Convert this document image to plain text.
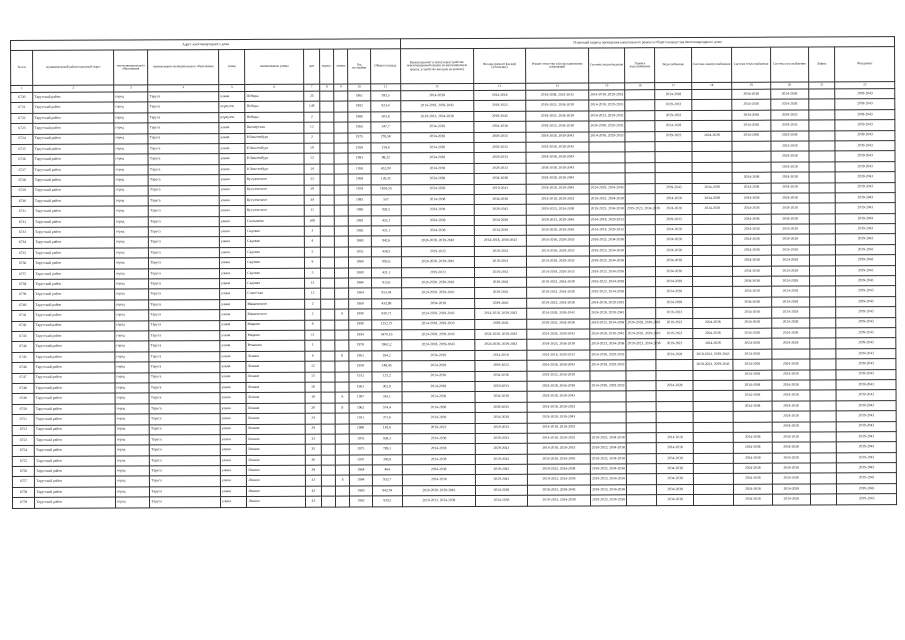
Адрес многоквартирного дома											Плановый период проведения капитального ремонта общего имущества многоквартирного дома										
№ п/п	муниципальный район/городской округ	тип муниципального образования	наименование муниципального образования	улица	наименование улицы	дом	корпус	литера	Год постройки	Общая площадь	Кровля (ремонт и (или) переустройство невентилируемой крыши на вентилируемую крышу, устройство выходов на кровлю)	Фасады (ремонт фасада) (утепление)	Ремонт отмостки и (или) подвальных помещений	Системы водоотведения	Горячее водоснабжение	Водоснабжение	Система электроснабжения	Система теплоснабжения	Система газоснабжения	Лифты	Фундамент
1	2	3	4	5	6	7	8	9	10	11	12	13	14	15	16	17	18	19	20	21	22
6720	Тарусский район	город	Таруса	улица	Победы	25			1961	393,5	2014-2038	2014-2018	2014-2038, 2023-2033	2014-2018, 2029-2033		2024-2028		2034-2038	2024-2028		2039-2043
6721	Тарусский район	город	Таруса	переулок	Победы	14б			1982	923,4	2014-2018, 2039-2043	2019-2023	2019-2023, 2034-2038	2014-2018, 2029-2033		2029-2033		2024-2028	2024-2028		2039-2043
6722	Тарусский район	город	Таруса	переулок	Победы	2			1980	503,6	2019-2023, 2034-2038	2019-2043	2019-2023, 2034-2038	2019-2023, 2029-2033		2029-2033		2034-2038	2029-2033		2039-2043
6723	Тарусский район	город	Таруса	улица	Пионерская	12			1966	347,7	2034-2038	2034-2038	2019-2023, 2034-2038	2034-2038, 2029-2033		2024-2028		2034-2038	2029-2033		2039-2043
6724	Тарусский район	город	Таруса	улица	Р.Люксембург	2			1975	278,58	2034-2038	2029-2033	2024-2028, 2039-2043	2014-2018, 2029-2033		2019-2023	2024-2028	2034-2038	2024-2028		2039-2043
6725	Тарусский район	город	Таруса	улица	Р.Люксембург	19			1958	159,6	2034-2038	2029-2033	2024-2028, 2039-2043						2024-2028		2039-2043
6726	Тарусский район	город	Таруса	улица	Р.Люксембург	12			1981	98,22	2034-2038	2029-2033	2034-2038, 2039-2043						2024-2028		2039-2043
6727	Тарусский район	город	Таруса	улица	Р.Люксембург	14			1958	452,00	2034-2038	2029-2033	2034-2038, 2039-2043						2024-2028		2039-2043
6728	Тарусский район	город	Таруса	улица	Кутузовского	22			1958	126,31	2034-2038	2034-2038	2024-2028, 2039-2043					2034-2038	2024-2028		2039-2043
6729	Тарусский район	город	Таруса	улица	Кутузовского	29			1959	1658,55	2034-2038	2019-2043	2024-2028, 2039-2043	2024-2028, 2034-2043		2039-2043	2034-2038	2034-2038	2024-2028		2039-2043
6730	Тарусский район	город	Таруса	улица	Кутузовского	34			1981	557	2014-2038	2034-2038	2014-2018, 2029-2033	2019-2023, 2034-2038		2024-2028	2034-2038	2034-2038	2024-2028		2039-2043
6731	Тарусский район	город	Таруса	улица	Кутузовского	11			1986	928,5	2034-2038	2029-2043	2019-2023, 2034-2038	2019-2023, 2034-2038	2019-2023, 2034-2038	2024-2028	2024-2028	2024-2028	2024-2028		2039-2043
6732	Тарусский район	город	Таруса	улица	Салтыкова	10б			1991	432,1	2034-2038	2034-2038	2029-2033, 2039-2043	2014-2018, 2029-2033		2029-2033		2034-2038	2024-2028		2039-2043
6733	Тарусский район	город	Таруса	улица	Садовая	3			1965	431,1	2034-2038	2034-2038	2024-2028, 2039-2043	2014-2018, 2029-2033		2024-2028		2034-2038	2024-2028		2039-2043
6734	Тарусский район	город	Таруса	улица	Садовая	4			1960	942,6	2024-2028, 2039-2043	2014-2018, 2039-2043	2014-2018, 2029-2033	2019-2023, 2034-2038		2024-2028		2024-2028	2024-2028		2039-2043
6735	Тарусский район	город	Таруса	улица	Садовая	5			1955	438,5	2019-2023	2029-2033	2014-2018, 2029-2033	2019-2023, 2034-2038		2024-2028		2034-2038	2024-2028		2039-2043
6736	Тарусский район	город	Таруса	улица	Садовая	9			1960	992,6	2024-2028, 2039-2043	2019-2023	2014-2018, 2029-2033	2019-2023, 2034-2038		2034-2038		2034-2038	2024-2028		2039-2043
6737	Тарусский район	город	Таруса	улица	Садовая	5			1980	431,1	2019-2023	2029-2033	2014-2018, 2029-2033	2019-2023, 2034-2038		2034-2038		2034-2038	2024-2028		2039-2043
6738	Тарусский район	город	Таруса	улица	Садовая	13			1984	912,6	2024-2028, 2039-2043	2029-2043	2019-2023, 2034-2038	2019-2023, 2034-2038		2034-2038		2034-2038	2024-2028		2039-2043
6739	Тарусский район	город	Таруса	улица	Советская	12			1984	953,04	2024-2028, 2039-2043	2029-2043	2019-2023, 2034-2038	2019-2023, 2034-2038		2034-2038		2024-2028	2024-2028		2039-2043
6740	Тарусский район	город	Таруса	улица	Маяковского	2			1960	433,99	2034-2038	2039-2043	2019-2023, 2034-2038	2014-2018, 2029-2033		2024-2028		2034-2038	2024-2028		2039-2043
6741	Тарусский район	город	Таруса	улица	Маяковского	2		А	1990	830,71	2024-2028, 2039-2043	2014-2018, 2039-2043	2024-2028, 2039-2043	2024-2028, 2039-2043		2019-2023		2034-2038	2024-2028		2039-2043
6742	Тарусский район	город	Таруса	улица	Мирная	6			1990	1252,75	2014-2018, 2029-2033	2039-2043	2019-2023, 2034-2038	2019-2023, 2034-2038	2024-2028, 2039-2043	2019-2023	2024-2028	2024-2028	2024-2028		2039-2043
6743	Тарусский район	город	Таруса	улица	Мирная	11			1994	5470,16	2024-2028, 2039-2043	2024-2028, 2039-2043	2024-2028, 2039-2043	2024-2028, 2039-2043	2024-2028, 2039-2043	2019-2023	2024-2028	2024-2028	2024-2028		2039-2043
6744	Тарусский район	город	Таруса	улица	Ромашки	1			1978	5962,2	2024-2028, 2039-2043	2024-2028, 2039-2043	2019-2023, 2034-2038	2019-2023, 2034-2038	2019-2023, 2034-2038	2019-2023	2024-2028	2024-2028	2024-2028		2039-2043
6745	Тарусский район	город	Таруса	улица	Ленина	6		Б	1962	184,2	2034-2038	2014-2018	2014-2018, 2029-2033	2014-2018, 2029-2033		2024-2028	2019-2023, 2039-2043	2024-2028			2039-2043
6746	Тарусский район	город	Таруса	улица	Ленина	12			1958	148,45	2024-2028	2019-2023	2024-2028, 2039-2043	2014-2018, 2029-2033			2019-2023, 2039-2043	2024-2028	2024-2028		2039-2043
6747	Тарусский район	город	Таруса	улица	Ленина	13			1912	125,2	2014-2038	2034-2038	2019-2023, 2034-2038					2034-2038	2024-2028		2039-2043
6748	Тарусский район	город	Таруса	улица	Ленина	16			1961	302,9	2014-2038	2019-2033	2024-2028, 2034-2038	2014-2018, 2029-2033		2024-2028		2034-2038	2024-2028		2039-2043
6749	Тарусский район	город	Таруса	улица	Ленина	18		А	1997	343,1	2014-2038	2034-2038	2024-2028, 2039-2043					2034-2038	2024-2028		2039-2043
6750	Тарусский район	город	Таруса	улица	Ленина	20		Б	1962	574,4	2014-2038	2029-2033	2014-2018, 2029-2033					2034-2038	2024-2028		2039-2043
6751	Тарусский район	город	Таруса	улица	Ленина	24			1911	371,6	2034-2038	2034-2038	2024-2028, 2039-2043						2024-2028		2039-2043
6752	Тарусский район	город	Таруса	улица	Ленина	29			1960	181,6	2019-2023	2019-2033	2014-2018, 2029-2033						2024-2028		2039-2043
6753	Тарусский район	город	Таруса	улица	Ленина	33			1976	938,3	2014-2038	2029-2033	2014-2018, 2029-2033	2019-2023, 2034-2038		2014-2018		2034-2038	2024-2028		2039-2043
6754	Тарусский район	город	Таруса	улица	Ленина	35			1975	789,1	2014-2038	2029-2043	2014-2018, 2029-2033	2019-2023, 2034-2038		2014-2018		2034-2038	2024-2028		2039-2043
6755	Тарусский район	город	Таруса	улица	Ленина	36			1970	390,8	2014-2038	2019-2043	2024-2028, 2039-2043	2019-2023, 2034-2038		2034-2038		2034-2038	2024-2028		2039-2043
6756	Тарусский район	город	Таруса	улица	Ленина	39			1964	464	2034-2038	2019-2043	2019-2023, 2034-2038	2019-2023, 2034-2038		2034-2038		2024-2028	2024-2028		2039-2043
6757	Тарусский район	город	Таруса	улица	Ленина	41		А	1984	933,7	2034-2038	2029-2043	2019-2023, 2034-2038	2019-2023, 2034-2038		2034-2038		2024-2028	2024-2028		2039-2043
6758	Тарусский район	город	Таруса	улица	Ленина	42			1983	942,78	2024-2028, 2039-2043	2024-2028	2019-2023, 2039-2043	2019-2023, 2034-2038		2034-2038		2024-2028	2024-2028		2039-2043
6759	Тарусский район	город	Таруса	улица	Ленина	43			1982	939,2	2019-2023, 2034-2038	2034-2038	2019-2023, 2034-2038	2019-2023, 2034-2038		2034-2038		2024-2028	2024-2028		2039-2043
